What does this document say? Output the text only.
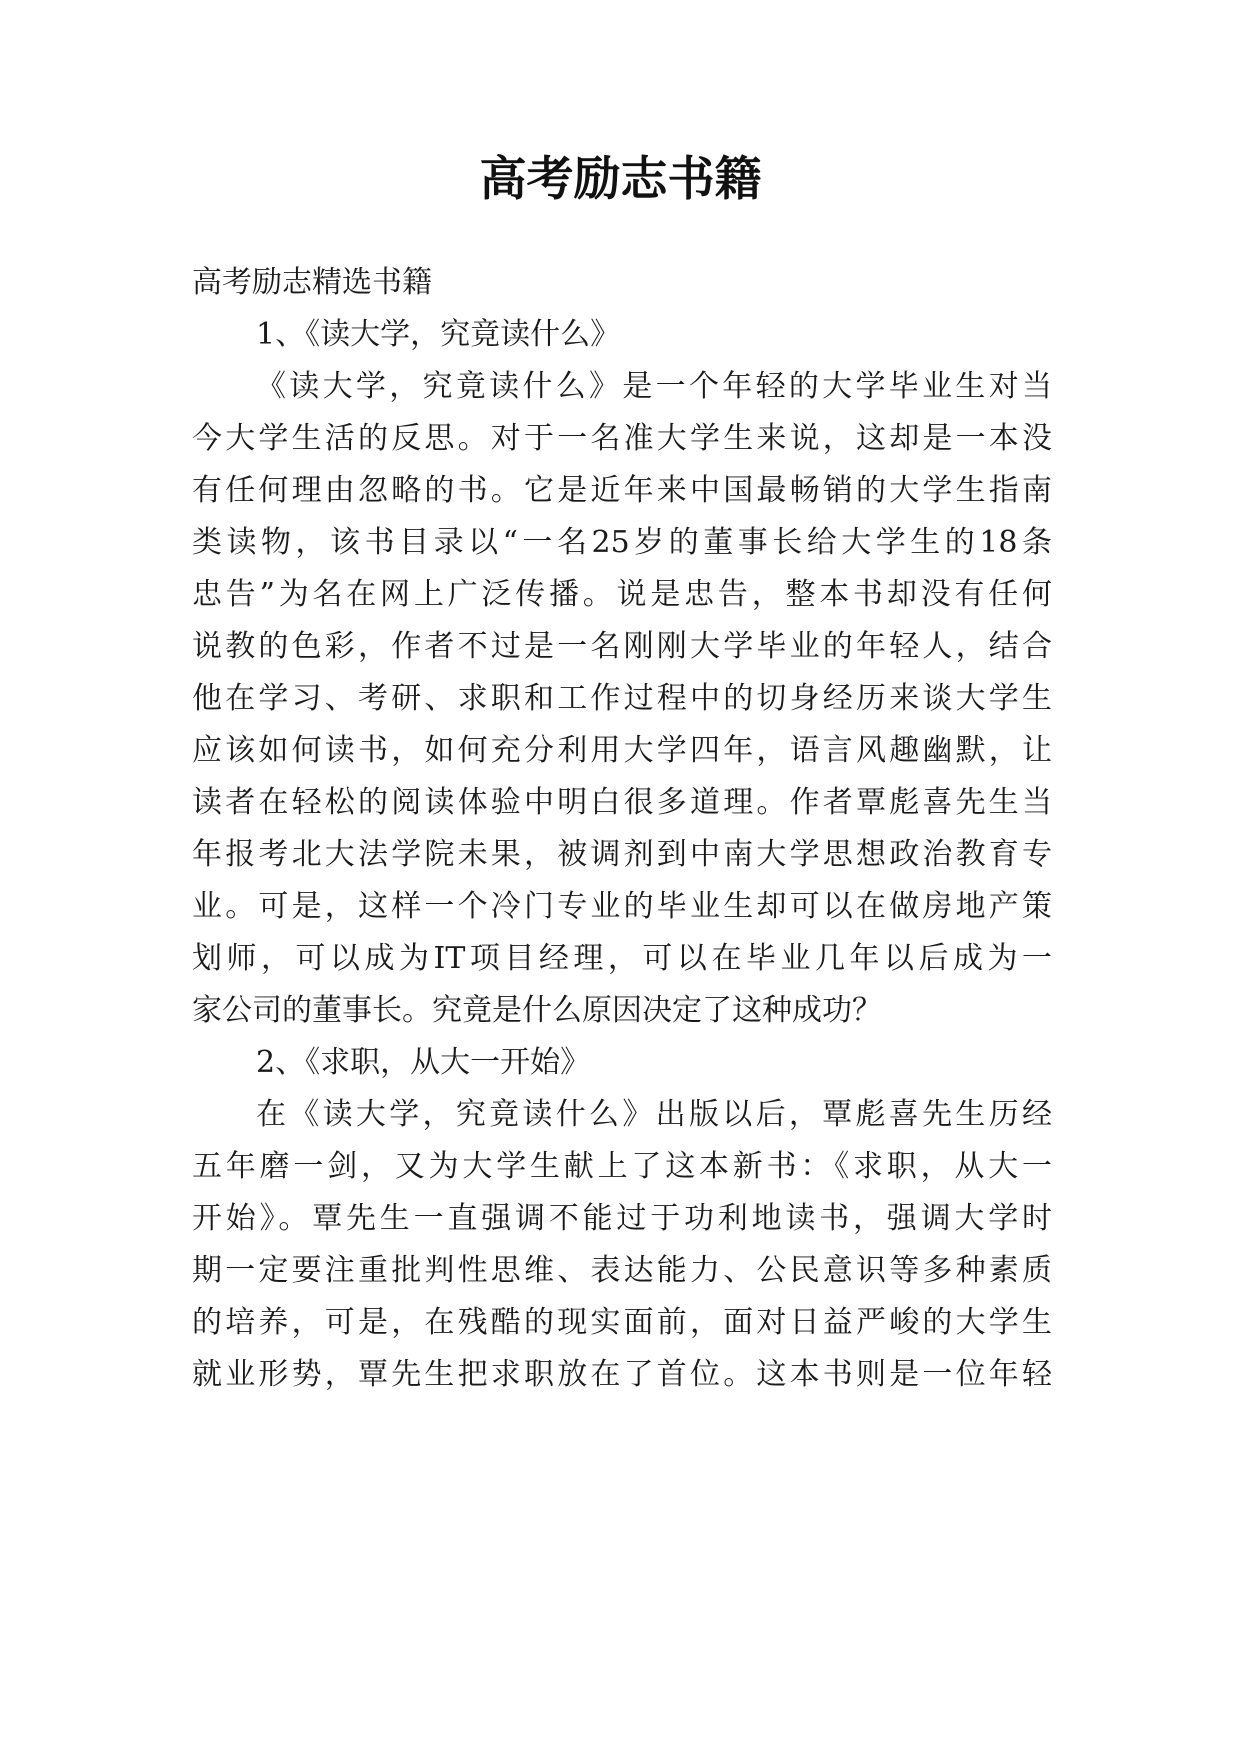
高考励志书籍

高考励志精选书籍

1、《读大学，究竟读什么》

《读大学，究竟读什么》是一个年轻的大学毕业生对当

今大学生活的反思。对于一名准大学生来说，这却是一本没

有任何理由忽略的书。它是近年来中国最畅销的大学生指南

类读物，该书目录以“一名25岁的董事长给大学生的18条

忠告”为名在网上广泛传播。说是忠告，整本书却没有任何

说教的色彩，作者不过是一名刚刚大学毕业的年轻人，结合

他在学习、考研、求职和工作过程中的切身经历来谈大学生

应该如何读书，如何充分利用大学四年，语言风趣幽默，让

读者在轻松的阅读体验中明白很多道理。作者覃彪喜先生当

年报考北大法学院未果，被调剂到中南大学思想政治教育专

业。可是，这样一个冷门专业的毕业生却可以在做房地产策

划师，可以成为IT项目经理，可以在毕业几年以后成为一

家公司的董事长。究竟是什么原因决定了这种成功？

2、《求职，从大一开始》

在《读大学，究竟读什么》出版以后，覃彪喜先生历经

五年磨一剑，又为大学生献上了这本新书：《求职，从大一

开始》。覃先生一直强调不能过于功利地读书，强调大学时

期一定要注重批判性思维、表达能力、公民意识等多种素质

的培养，可是，在残酷的现实面前，面对日益严峻的大学生

就业形势，覃先生把求职放在了首位。这本书则是一位年轻
